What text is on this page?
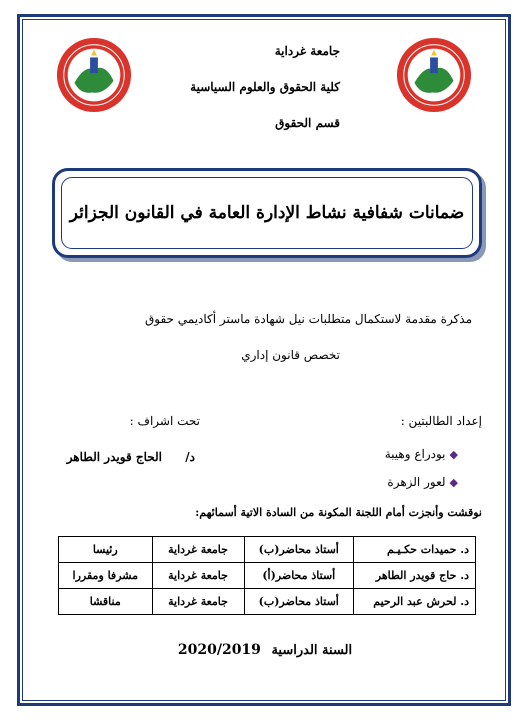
جامعة غرداية
كلية الحقوق والعلوم السياسية
قسم الحقوق
ضمانات شفافية نشاط الإدارة العامة في القانون الجزائر
مذكرة مقدمة لاستكمال متطلبات نيل شهادة ماستر أكاديمي حقوق
تخصص قانون إداري
إعداد الطالبتين :
تحت اشراف :
◆بودراع وهيبة
د/
الحاج قويدر الطاهر
◆لعور الزهرة
نوقشت وأنجزت أمام اللجنة المكونة من السادة الاتية أسمائهم:
د. حميدات حكـيـم	أستاذ محاضر(ب)	جامعة غرداية	رئيسا
د. حاج قويدر الطاهر	أستاذ محاضر(أ)	جامعة غرداية	مشرفا ومقررا
د. لحرش عبد الرحيم	أستاذ محاضر(ب)	جامعة غرداية	مناقشا
السنة الدراسية 2020/2019
